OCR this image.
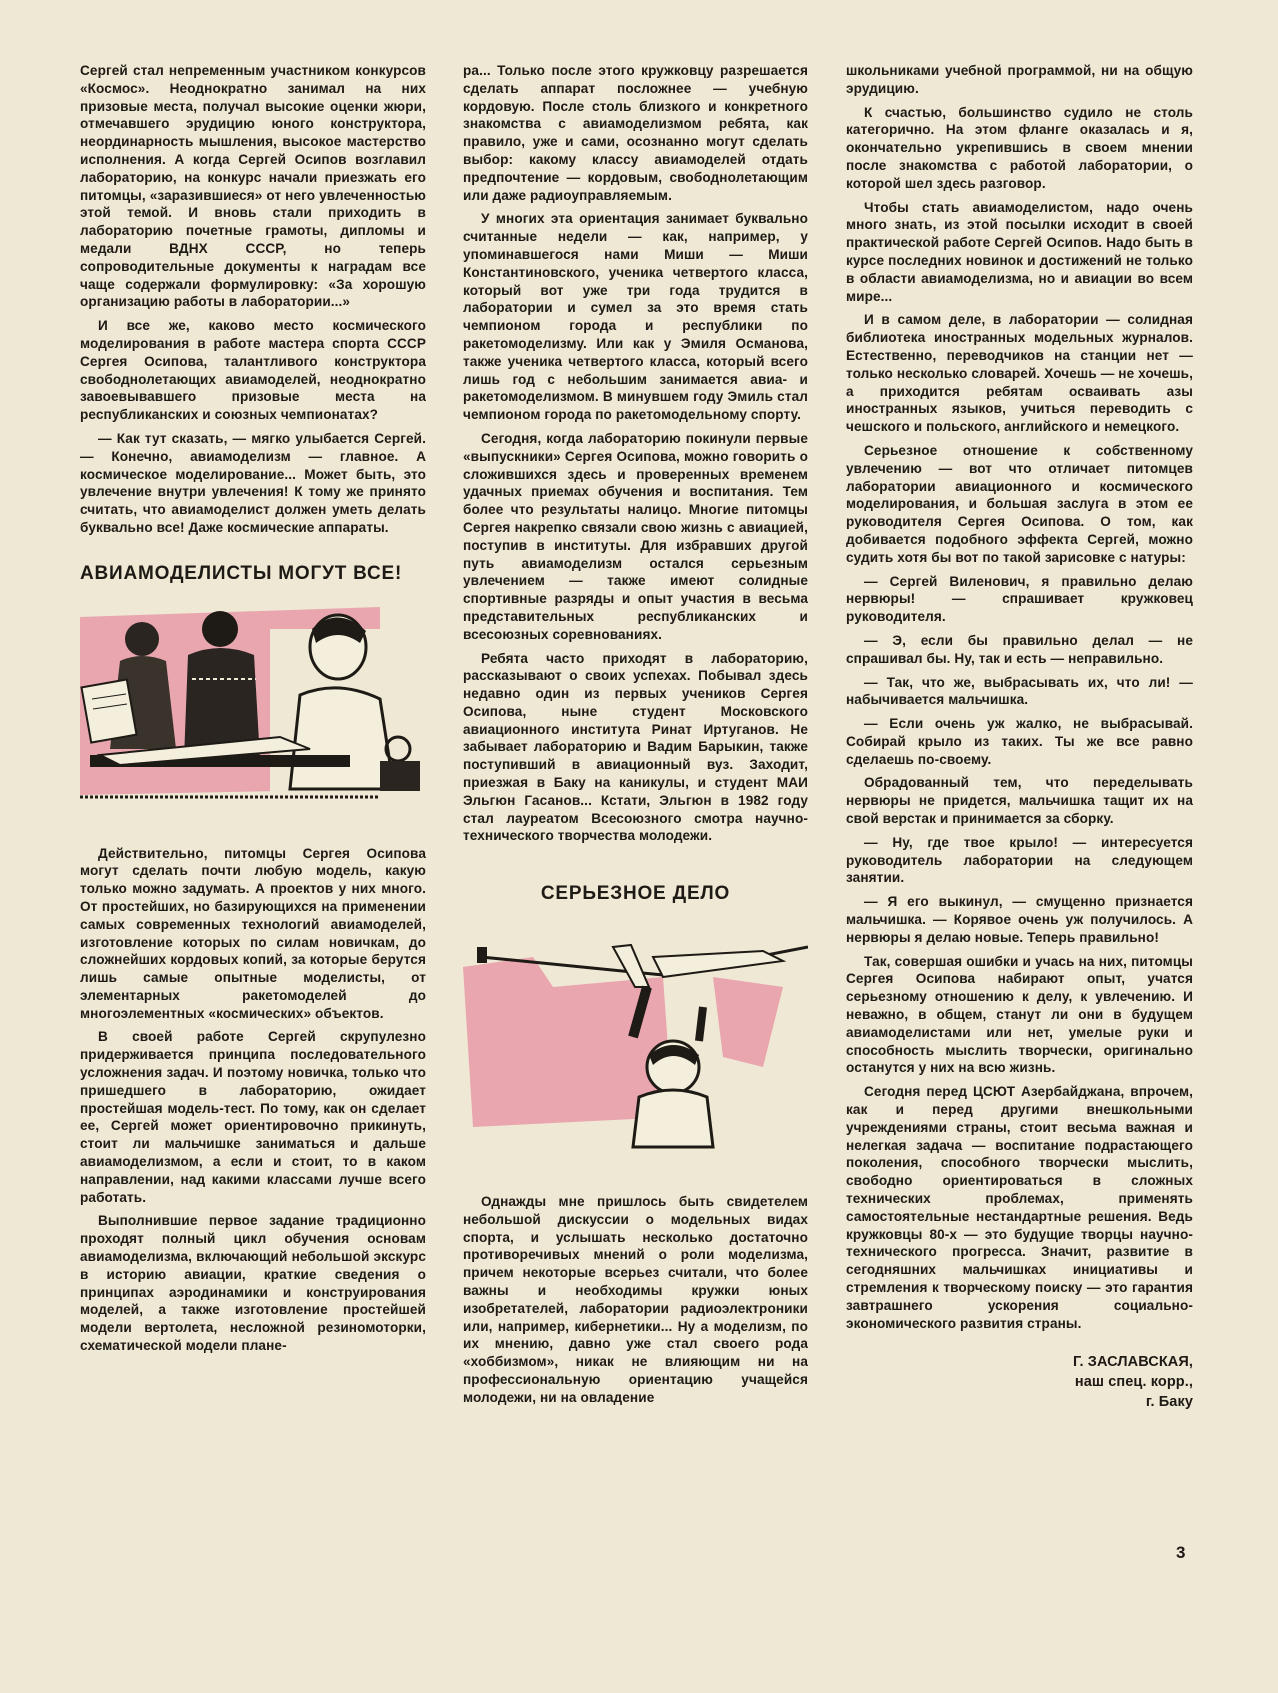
Сергей стал непременным участником конкурсов «Космос». Неоднократно занимал на них призовые места, получал высокие оценки жюри, отмечавшего эрудицию юного конструктора, неординарность мышления, высокое мастерство исполнения. А когда Сергей Осипов возглавил лабораторию, на конкурс начали приезжать его питомцы, «заразившиеся» от него увлеченностью этой темой. И вновь стали приходить в лабораторию почетные грамоты, дипломы и медали ВДНХ СССР, но теперь сопроводительные документы к наградам все чаще содержали формулировку: «За хорошую организацию работы в лаборатории...»

И все же, каково место космического моделирования в работе мастера спорта СССР Сергея Осипова, талантливого конструктора свободнолетающих авиамоделей, неоднократно завоевывавшего призовые места на республиканских и союзных чемпионатах?

— Как тут сказать, — мягко улыбается Сергей. — Конечно, авиамоделизм — главное. А космическое моделирование... Может быть, это увлечение внутри увлечения! К тому же принято считать, что авиамоделист должен уметь делать буквально все! Даже космические аппараты.

АВИАМОДЕЛИСТЫ МОГУТ ВСЕ!

Действительно, питомцы Сергея Осипова могут сделать почти любую модель, какую только можно задумать. А проектов у них много. От простейших, но базирующихся на применении самых современных технологий авиамоделей, изготовление которых по силам новичкам, до сложнейших кордовых копий, за которые берутся лишь самые опытные моделисты, от элементарных ракетомоделей до многоэлементных «космических» объектов.

В своей работе Сергей скрупулезно придерживается принципа последовательного усложнения задач. И поэтому новичка, только что пришедшего в лабораторию, ожидает простейшая модель-тест. По тому, как он сделает ее, Сергей может ориентировочно прикинуть, стоит ли мальчишке заниматься и дальше авиамоделизмом, а если и стоит, то в каком направлении, над какими классами лучше всего работать.

Выполнившие первое задание традиционно проходят полный цикл обучения основам авиамоделизма, включающий небольшой экскурс в историю авиации, краткие сведения о принципах аэродинамики и конструирования моделей, а также изготовление простейшей модели вертолета, несложной резиномоторки, схематической модели плане-

ра... Только после этого кружковцу разрешается сделать аппарат посложнее — учебную кордовую. После столь близкого и конкретного знакомства с авиамоделизмом ребята, как правило, уже и сами, осознанно могут сделать выбор: какому классу авиамоделей отдать предпочтение — кордовым, свободнолетающим или даже радиоуправляемым.

У многих эта ориентация занимает буквально считанные недели — как, например, у упоминавшегося нами Миши — Миши Константиновского, ученика четвертого класса, который вот уже три года трудится в лаборатории и сумел за это время стать чемпионом города и республики по ракетомоделизму. Или как у Эмиля Османова, также ученика четвертого класса, который всего лишь год с небольшим занимается авиа- и ракетомоделизмом. В минувшем году Эмиль стал чемпионом города по ракетомодельному спорту.

Сегодня, когда лабораторию покинули первые «выпускники» Сергея Осипова, можно говорить о сложившихся здесь и проверенных временем удачных приемах обучения и воспитания. Тем более что результаты налицо. Многие питомцы Сергея накрепко связали свою жизнь с авиацией, поступив в институты. Для избравших другой путь авиамоделизм остался серьезным увлечением — также имеют солидные спортивные разряды и опыт участия в весьма представительных республиканских и всесоюзных соревнованиях.

Ребята часто приходят в лабораторию, рассказывают о своих успехах. Побывал здесь недавно один из первых учеников Сергея Осипова, ныне студент Московского авиационного института Ринат Иртуганов. Не забывает лабораторию и Вадим Барыкин, также поступивший в авиационный вуз. Заходит, приезжая в Баку на каникулы, и студент МАИ Эльгюн Гасанов... Кстати, Эльгюн в 1982 году стал лауреатом Всесоюзного смотра научно-технического творчества молодежи.

СЕРЬЕЗНОЕ ДЕЛО

Однажды мне пришлось быть свидетелем небольшой дискуссии о модельных видах спорта, и услышать несколько достаточно противоречивых мнений о роли моделизма, причем некоторые всерьез считали, что более важны и необходимы кружки юных изобретателей, лаборатории радиоэлектроники или, например, кибернетики... Ну а моделизм, по их мнению, давно уже стал своего рода «хоббизмом», никак не влияющим ни на профессиональную ориентацию учащейся молодежи, ни на овладение

школьниками учебной программой, ни на общую эрудицию.

К счастью, большинство судило не столь категорично. На этом фланге оказалась и я, окончательно укрепившись в своем мнении после знакомства с работой лаборатории, о которой шел здесь разговор.

Чтобы стать авиамоделистом, надо очень много знать, из этой посылки исходит в своей практической работе Сергей Осипов. Надо быть в курсе последних новинок и достижений не только в области авиамоделизма, но и авиации во всем мире...

И в самом деле, в лаборатории — солидная библиотека иностранных модельных журналов. Естественно, переводчиков на станции нет — только несколько словарей. Хочешь — не хочешь, а приходится ребятам осваивать азы иностранных языков, учиться переводить с чешского и польского, английского и немецкого.

Серьезное отношение к собственному увлечению — вот что отличает питомцев лаборатории авиационного и космического моделирования, и большая заслуга в этом ее руководителя Сергея Осипова. О том, как добивается подобного эффекта Сергей, можно судить хотя бы вот по такой зарисовке с натуры:

— Сергей Виленович, я правильно делаю нервюры! — спрашивает кружковец руководителя.

— Э, если бы правильно делал — не спрашивал бы. Ну, так и есть — неправильно.

— Так, что же, выбрасывать их, что ли! — набычивается мальчишка.

— Если очень уж жалко, не выбрасывай. Собирай крыло из таких. Ты же все равно сделаешь по-своему.

Обрадованный тем, что переделывать нервюры не придется, мальчишка тащит их на свой верстак и принимается за сборку.

— Ну, где твое крыло! — интересуется руководитель лаборатории на следующем занятии.

— Я его выкинул, — смущенно признается мальчишка. — Корявое очень уж получилось. А нервюры я делаю новые. Теперь правильно!

Так, совершая ошибки и учась на них, питомцы Сергея Осипова набирают опыт, учатся серьезному отношению к делу, к увлечению. И неважно, в общем, станут ли они в будущем авиамоделистами или нет, умелые руки и способность мыслить творчески, оригинально останутся у них на всю жизнь.

Сегодня перед ЦСЮТ Азербайджана, впрочем, как и перед другими внешкольными учреждениями страны, стоит весьма важная и нелегкая задача — воспитание подрастающего поколения, способного творчески мыслить, свободно ориентироваться в сложных технических проблемах, применять самостоятельные нестандартные решения. Ведь кружковцы 80-х — это будущие творцы научно-технического прогресса. Значит, развитие в сегодняшних мальчишках инициативы и стремления к творческому поиску — это гарантия завтрашнего ускорения социально-экономического развития страны.

Г. ЗАСЛАВСКАЯ,
наш спец. корр.,
г. Баку
3
